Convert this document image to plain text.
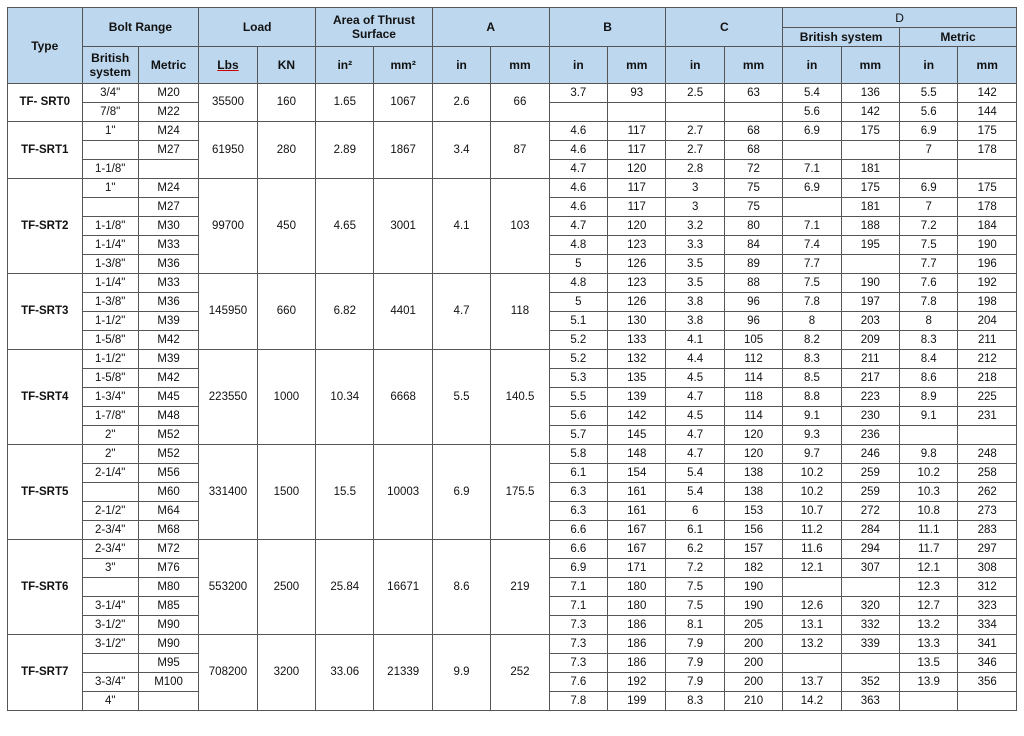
Type	Bolt Range		Load		Area of Thrust Surface		A		B		C		D			
													British system		Metric	
	British system	Metric	Lbs	KN	in²	mm²	in	mm	in	mm	in	mm	in	mm	in	mm
TF- SRT0	3/4"	M20	35500	160	1.65	1067	2.6	66	3.7	93	2.5	63	5.4	136	5.5	142
	7/8"	M22											5.6	142	5.6	144
TF-SRT1	1"	M24	61950	280	2.89	1867	3.4	87	4.6	117	2.7	68	6.9	175	6.9	175
		M27							4.6	117	2.7	68			7	178
	1-1/8"								4.7	120	2.8	72	7.1	181		
TF-SRT2	1"	M24	99700	450	4.65	3001	4.1	103	4.6	117	3	75	6.9	175	6.9	175
		M27							4.6	117	3	75		181	7	178
	1-1/8"	M30							4.7	120	3.2	80	7.1	188	7.2	184
	1-1/4"	M33							4.8	123	3.3	84	7.4	195	7.5	190
	1-3/8"	M36							5	126	3.5	89	7.7		7.7	196
TF-SRT3	1-1/4"	M33	145950	660	6.82	4401	4.7	118	4.8	123	3.5	88	7.5	190	7.6	192
	1-3/8"	M36							5	126	3.8	96	7.8	197	7.8	198
	1-1/2"	M39							5.1	130	3.8	96	8	203	8	204
	1-5/8"	M42							5.2	133	4.1	105	8.2	209	8.3	211
TF-SRT4	1-1/2"	M39	223550	1000	10.34	6668	5.5	140.5	5.2	132	4.4	112	8.3	211	8.4	212
	1-5/8"	M42							5.3	135	4.5	114	8.5	217	8.6	218
	1-3/4"	M45							5.5	139	4.7	118	8.8	223	8.9	225
	1-7/8"	M48							5.6	142	4.5	114	9.1	230	9.1	231
	2"	M52							5.7	145	4.7	120	9.3	236		
TF-SRT5	2"	M52	331400	1500	15.5	10003	6.9	175.5	5.8	148	4.7	120	9.7	246	9.8	248
	2-1/4"	M56							6.1	154	5.4	138	10.2	259	10.2	258
		M60							6.3	161	5.4	138	10.2	259	10.3	262
	2-1/2"	M64							6.3	161	6	153	10.7	272	10.8	273
	2-3/4"	M68							6.6	167	6.1	156	11.2	284	11.1	283
TF-SRT6	2-3/4"	M72	553200	2500	25.84	16671	8.6	219	6.6	167	6.2	157	11.6	294	11.7	297
	3"	M76							6.9	171	7.2	182	12.1	307	12.1	308
		M80							7.1	180	7.5	190			12.3	312
	3-1/4"	M85							7.1	180	7.5	190	12.6	320	12.7	323
	3-1/2"	M90							7.3	186	8.1	205	13.1	332	13.2	334
TF-SRT7	3-1/2"	M90	708200	3200	33.06	21339	9.9	252	7.3	186	7.9	200	13.2	339	13.3	341
		M95							7.3	186	7.9	200			13.5	346
	3-3/4"	M100							7.6	192	7.9	200	13.7	352	13.9	356
	4"								7.8	199	8.3	210	14.2	363		
